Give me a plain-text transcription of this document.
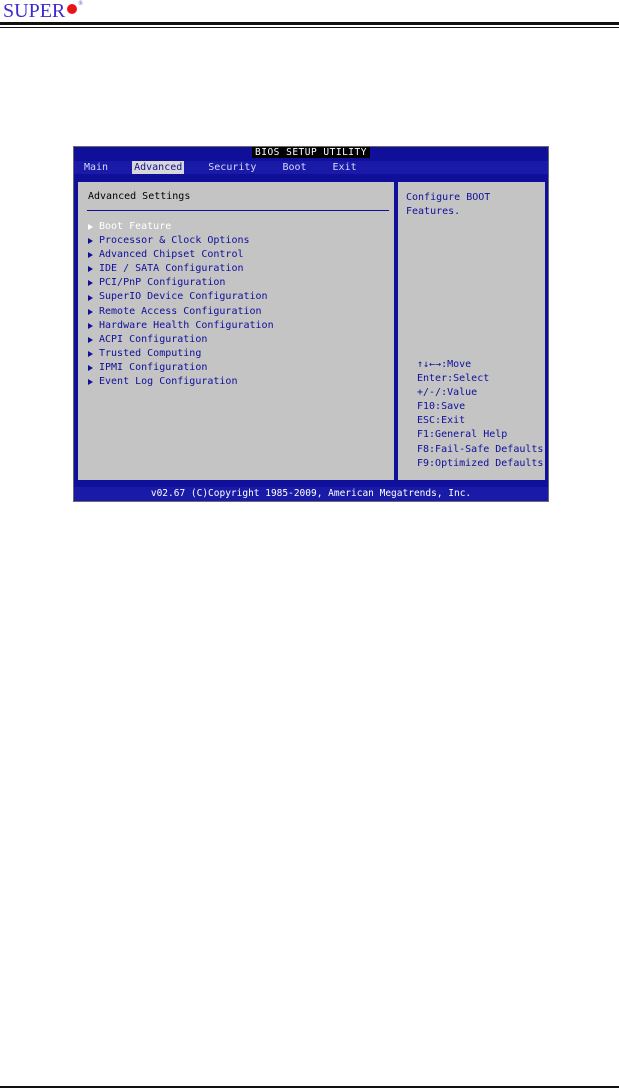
SUPER ®
BIOS SETUP UTILITY
Main	Advanced	Security	Boot	Exit
Advanced Settings
Boot Feature
Processor & Clock Options
Advanced Chipset Control
IDE / SATA Configuration
PCI/PnP Configuration
SuperIO Device Configuration
Remote Access Configuration
Hardware Health Configuration
ACPI Configuration
Trusted Computing
IPMI Configuration
Event Log Configuration
Configure BOOT
Features.
↑↓←→:Move
Enter:Select
+/-/:Value
F10:Save
ESC:Exit
F1:General Help
F8:Fail-Safe Defaults
F9:Optimized Defaults
v02.67 (C)Copyright 1985-2009, American Megatrends, Inc.
